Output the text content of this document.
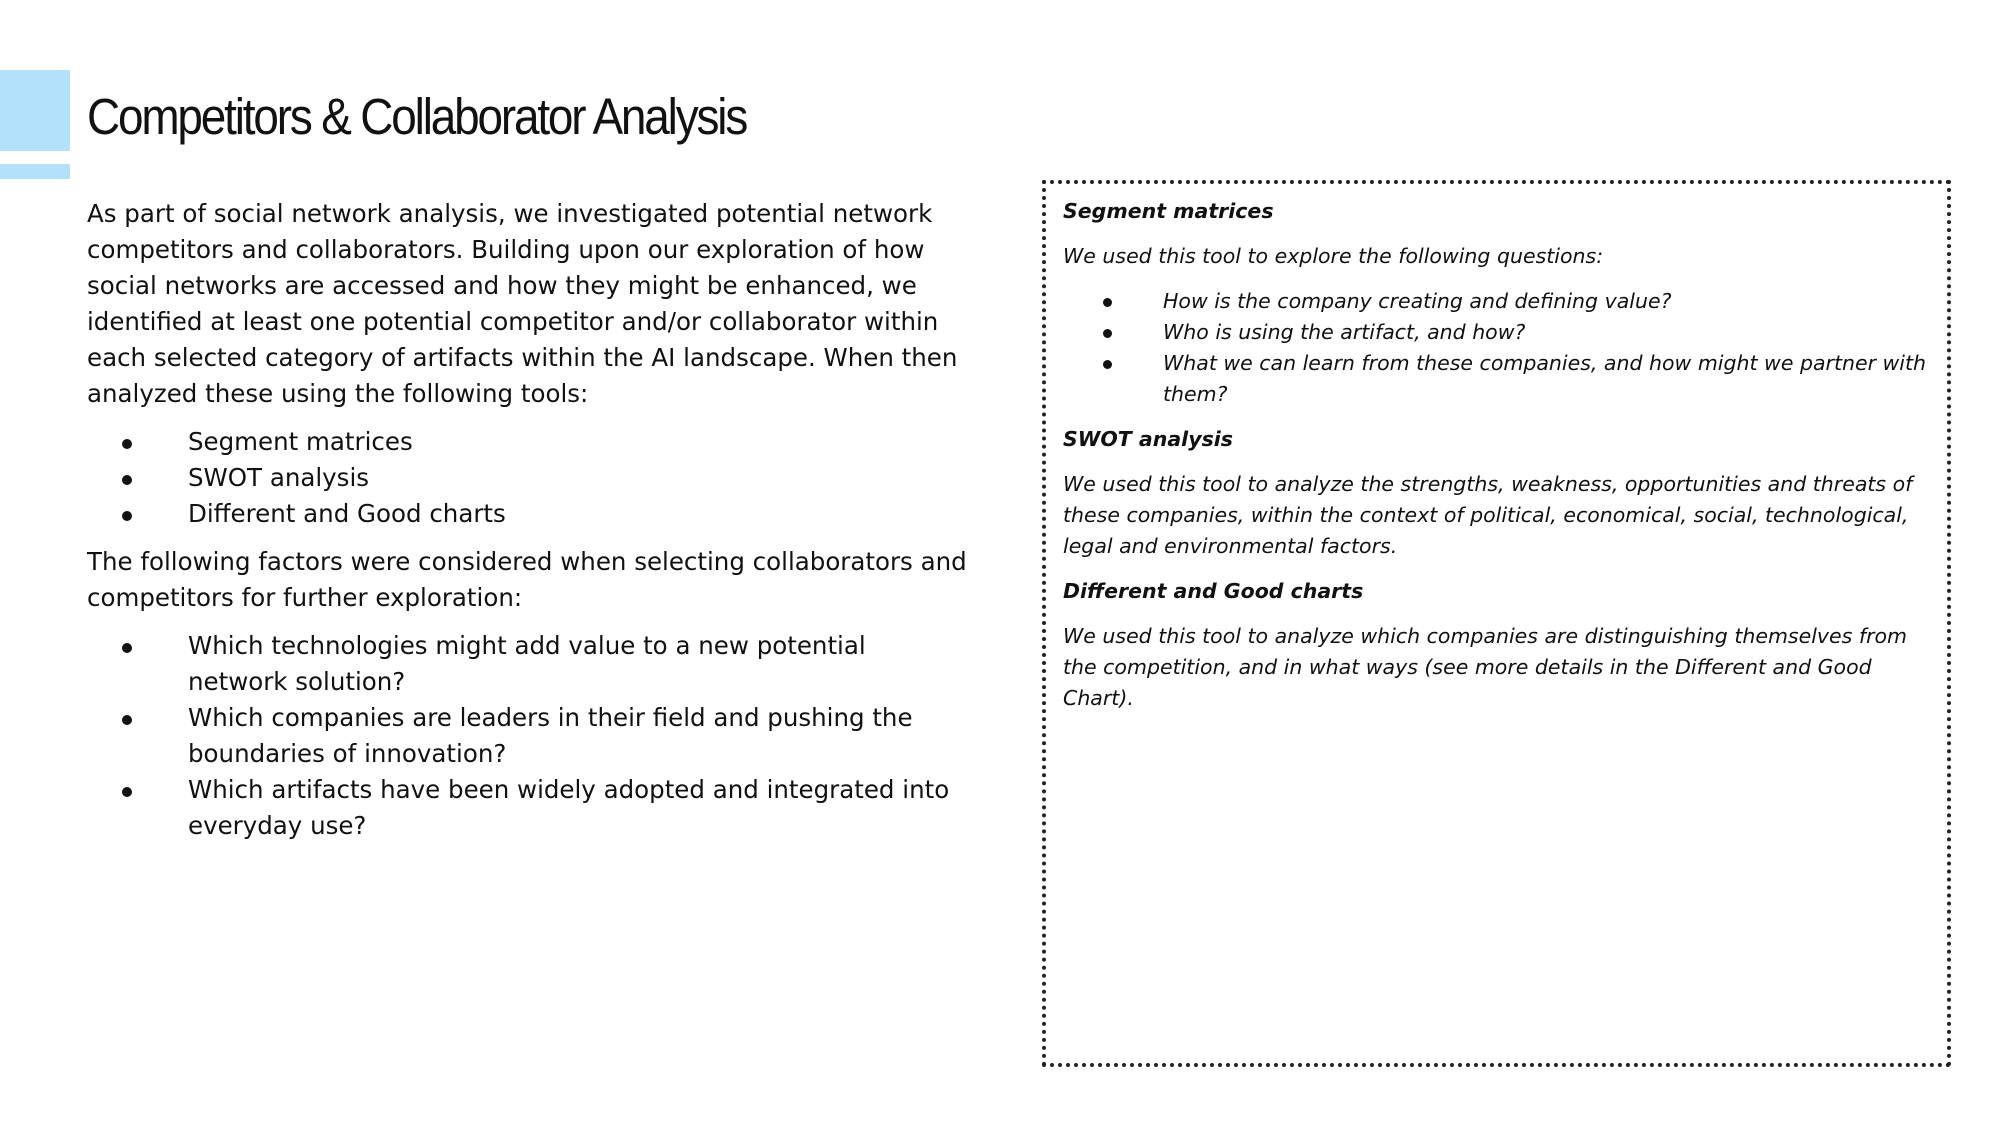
Competitors & Collaborator Analysis

As part of social network analysis, we investigated potential network competitors and collaborators. Building upon our exploration of how social networks are accessed and how they might be enhanced, we identified at least one potential competitor and/or collaborator within each selected category of artifacts within the AI landscape. When then analyzed these using the following tools:

Segment matrices
SWOT analysis
Different and Good charts

The following factors were considered when selecting collaborators and competitors for further exploration:

Which technologies might add value to a new potential network solution?
Which companies are leaders in their field and pushing the boundaries of innovation?
Which artifacts have been widely adopted and integrated into everyday use?
Segment matrices

We used this tool to explore the following questions:

How is the company creating and defining value?
Who is using the artifact, and how?
What we can learn from these companies, and how might we partner with them?
SWOT analysis

We used this tool to analyze the strengths, weakness, opportunities and threats of these companies, within the context of political, economical, social, technological, legal and environmental factors.

Different and Good charts

We used this tool to analyze which companies are distinguishing themselves from the competition, and in what ways (see more details in the Different and Good Chart).
